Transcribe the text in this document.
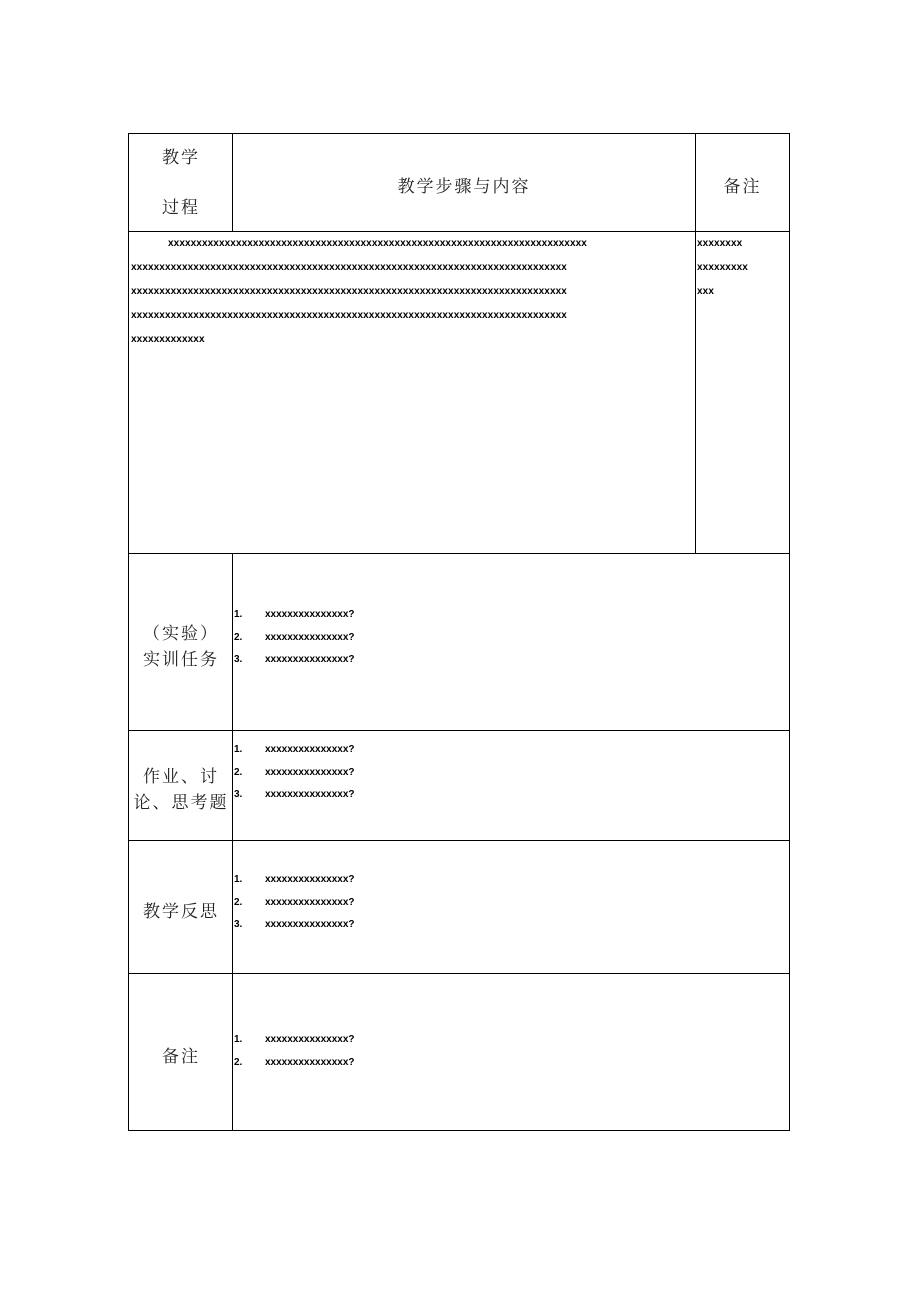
教学
过程
教学步骤与内容	备注
xxxxxxxxxxxxxxxxxxxxxxxxxxxxxxxxxxxxxxxxxxxxxxxxxxxxxxxxxxxxxxxxxxxxxxxxxx
xxxxxxxxxxxxxxxxxxxxxxxxxxxxxxxxxxxxxxxxxxxxxxxxxxxxxxxxxxxxxxxxxxxxxxxxxxxxx
xxxxxxxxxxxxxxxxxxxxxxxxxxxxxxxxxxxxxxxxxxxxxxxxxxxxxxxxxxxxxxxxxxxxxxxxxxxxx
xxxxxxxxxxxxxxxxxxxxxxxxxxxxxxxxxxxxxxxxxxxxxxxxxxxxxxxxxxxxxxxxxxxxxxxxxxxxx
xxxxxxxxxxxxx
xxxxxxxx
xxxxxxxxx
xxx
（实验）
实训任务
1. xxxxxxxxxxxxxxx?
2. xxxxxxxxxxxxxxx?
3. xxxxxxxxxxxxxxx?
作业、讨
论、思考题
1. xxxxxxxxxxxxxxx?
2. xxxxxxxxxxxxxxx?
3. xxxxxxxxxxxxxxx?
教学反思
1. xxxxxxxxxxxxxxx?
2. xxxxxxxxxxxxxxx?
3. xxxxxxxxxxxxxxx?
备注
1. xxxxxxxxxxxxxxx?
2. xxxxxxxxxxxxxxx?
